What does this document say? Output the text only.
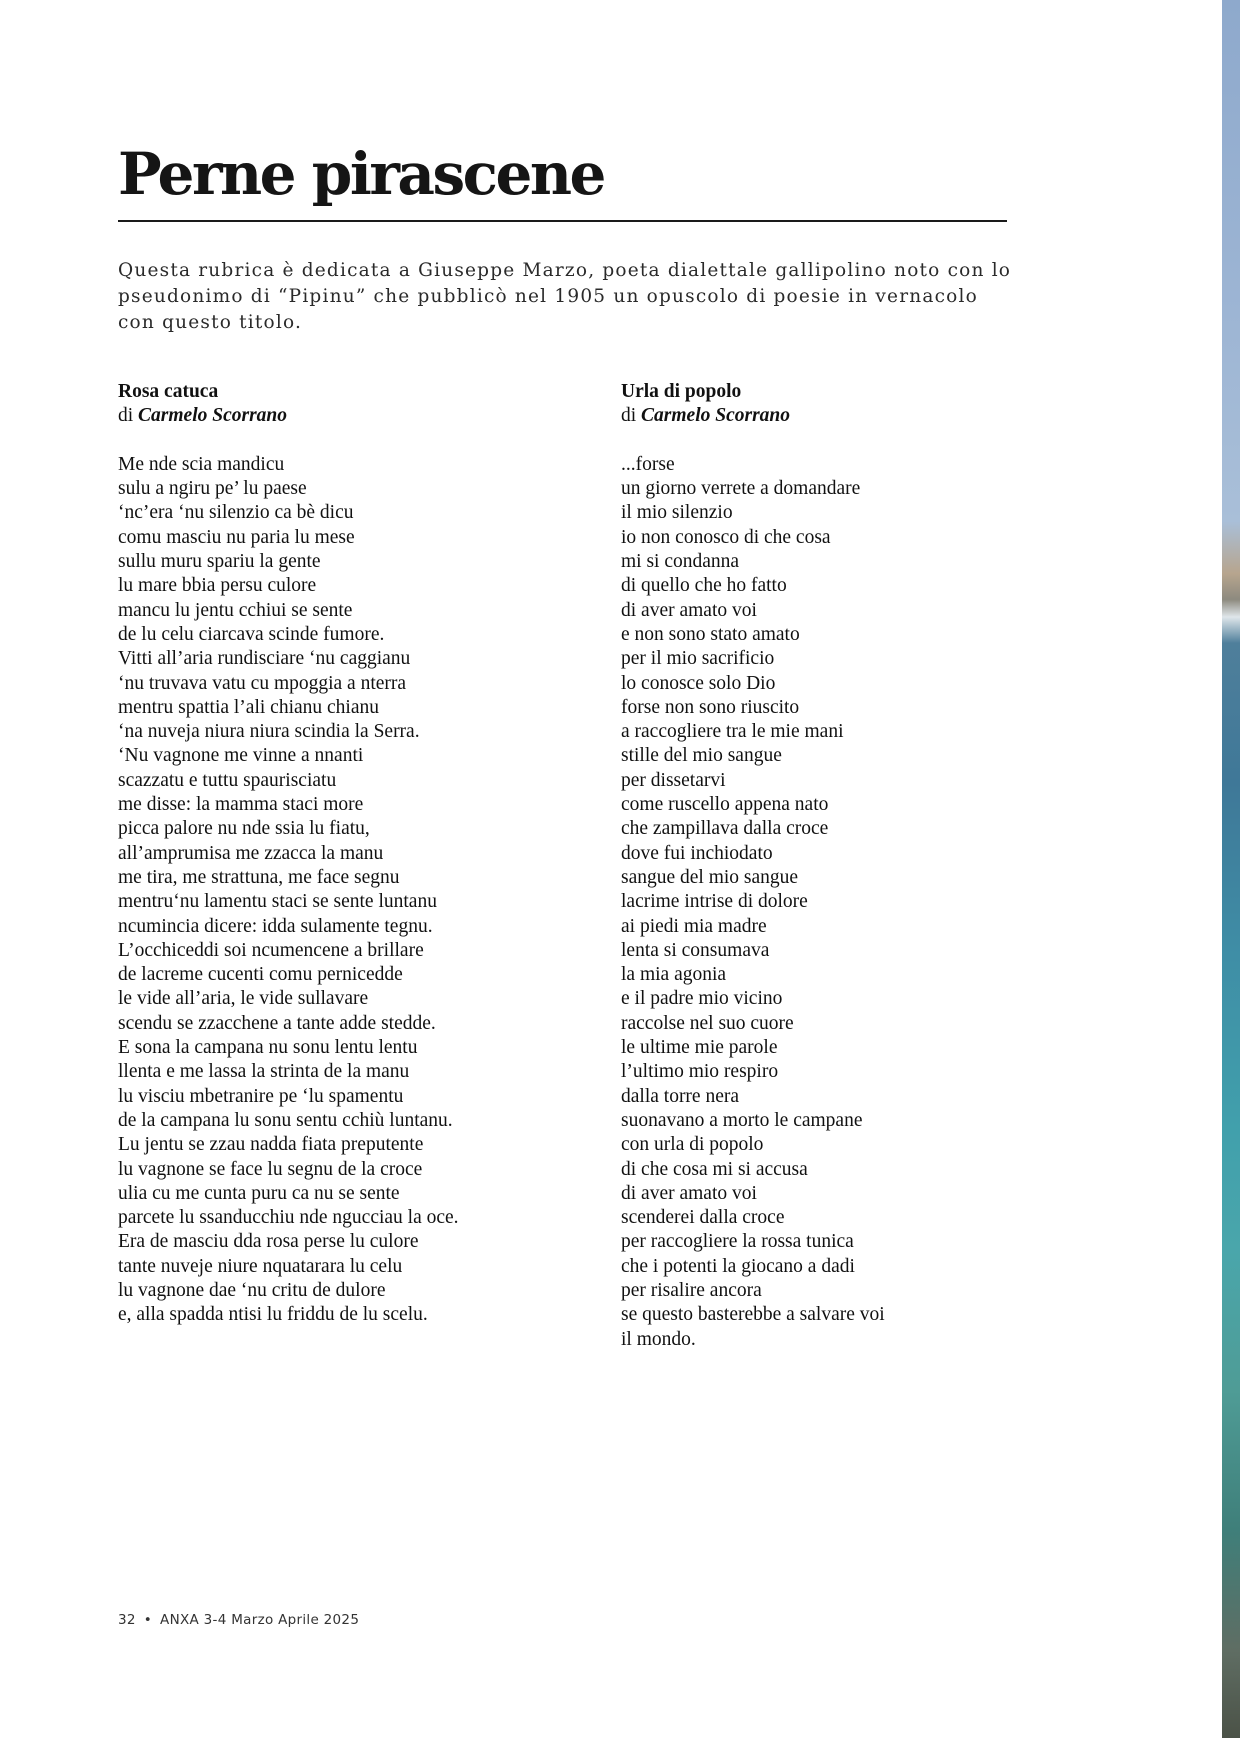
Perne pirascene

Questa rubrica è dedicata a Giuseppe Marzo, poeta dialettale gallipolino noto con lo pseudonimo di “Pipinu” che pubblicò nel 1905 un opuscolo di poesie in vernacolo con questo titolo.

Rosa catuca

di Carmelo Scorrano

Me nde scia mandicu
sulu a ngiru pe’ lu paese
‘nc’era ‘nu silenzio ca bè dicu
comu masciu nu paria lu mese
sullu muru spariu la gente
lu mare bbia persu culore
mancu lu jentu cchiui se sente
de lu celu ciarcava scinde fumore.
Vitti all’aria rundisciare ‘nu caggianu
‘nu truvava vatu cu mpoggia a nterra
mentru spattia l’ali chianu chianu
‘na nuveja niura niura scindia la Serra.
‘Nu vagnone me vinne a nnanti
scazzatu e tuttu spaurisciatu
me disse: la mamma staci more
picca palore nu nde ssia lu fiatu,
all’amprumisa me zzacca la manu
me tira, me strattuna, me face segnu
mentru‘nu lamentu staci se sente luntanu
ncumincia dicere: idda sulamente tegnu.
L’occhiceddi soi ncumencene a brillare
de lacreme cucenti comu pernicedde
le vide all’aria, le vide sullavare
scendu se zzacchene a tante adde stedde.
E sona la campana nu sonu lentu lentu
llenta e me lassa la strinta de la manu
lu visciu mbetranire pe ‘lu spamentu
de la campana lu sonu sentu cchiù luntanu.
Lu jentu se zzau nadda fiata preputente
lu vagnone se face lu segnu de la croce
ulia cu me cunta puru ca nu se sente
parcete lu ssanducchiu nde ngucciau la oce.
Era de masciu dda rosa perse lu culore
tante nuveje niure nquatarara lu celu
lu vagnone dae ‘nu critu de dulore
e, alla spadda ntisi lu friddu de lu scelu.

Urla di popolo

di Carmelo Scorrano

...forse
un giorno verrete a domandare
il mio silenzio
io non conosco di che cosa
mi si condanna
di quello che ho fatto
di aver amato voi
e non sono stato amato
per il mio sacrificio
lo conosce solo Dio
forse non sono riuscito
a raccogliere tra le mie mani
stille del mio sangue
per dissetarvi
come ruscello appena nato
che zampillava dalla croce
dove fui inchiodato
sangue del mio sangue
lacrime intrise di dolore
ai piedi mia madre
lenta si consumava
la mia agonia
e il padre mio vicino
raccolse nel suo cuore
le ultime mie parole
l’ultimo mio respiro
dalla torre nera
suonavano a morto le campane
con urla di popolo
di che cosa mi si accusa
di aver amato voi
scenderei dalla croce
per raccogliere la rossa tunica
che i potenti la giocano a dadi
per risalire ancora
se questo basterebbe a salvare voi
il mondo.
32 • ANXA 3-4 Marzo Aprile 2025
